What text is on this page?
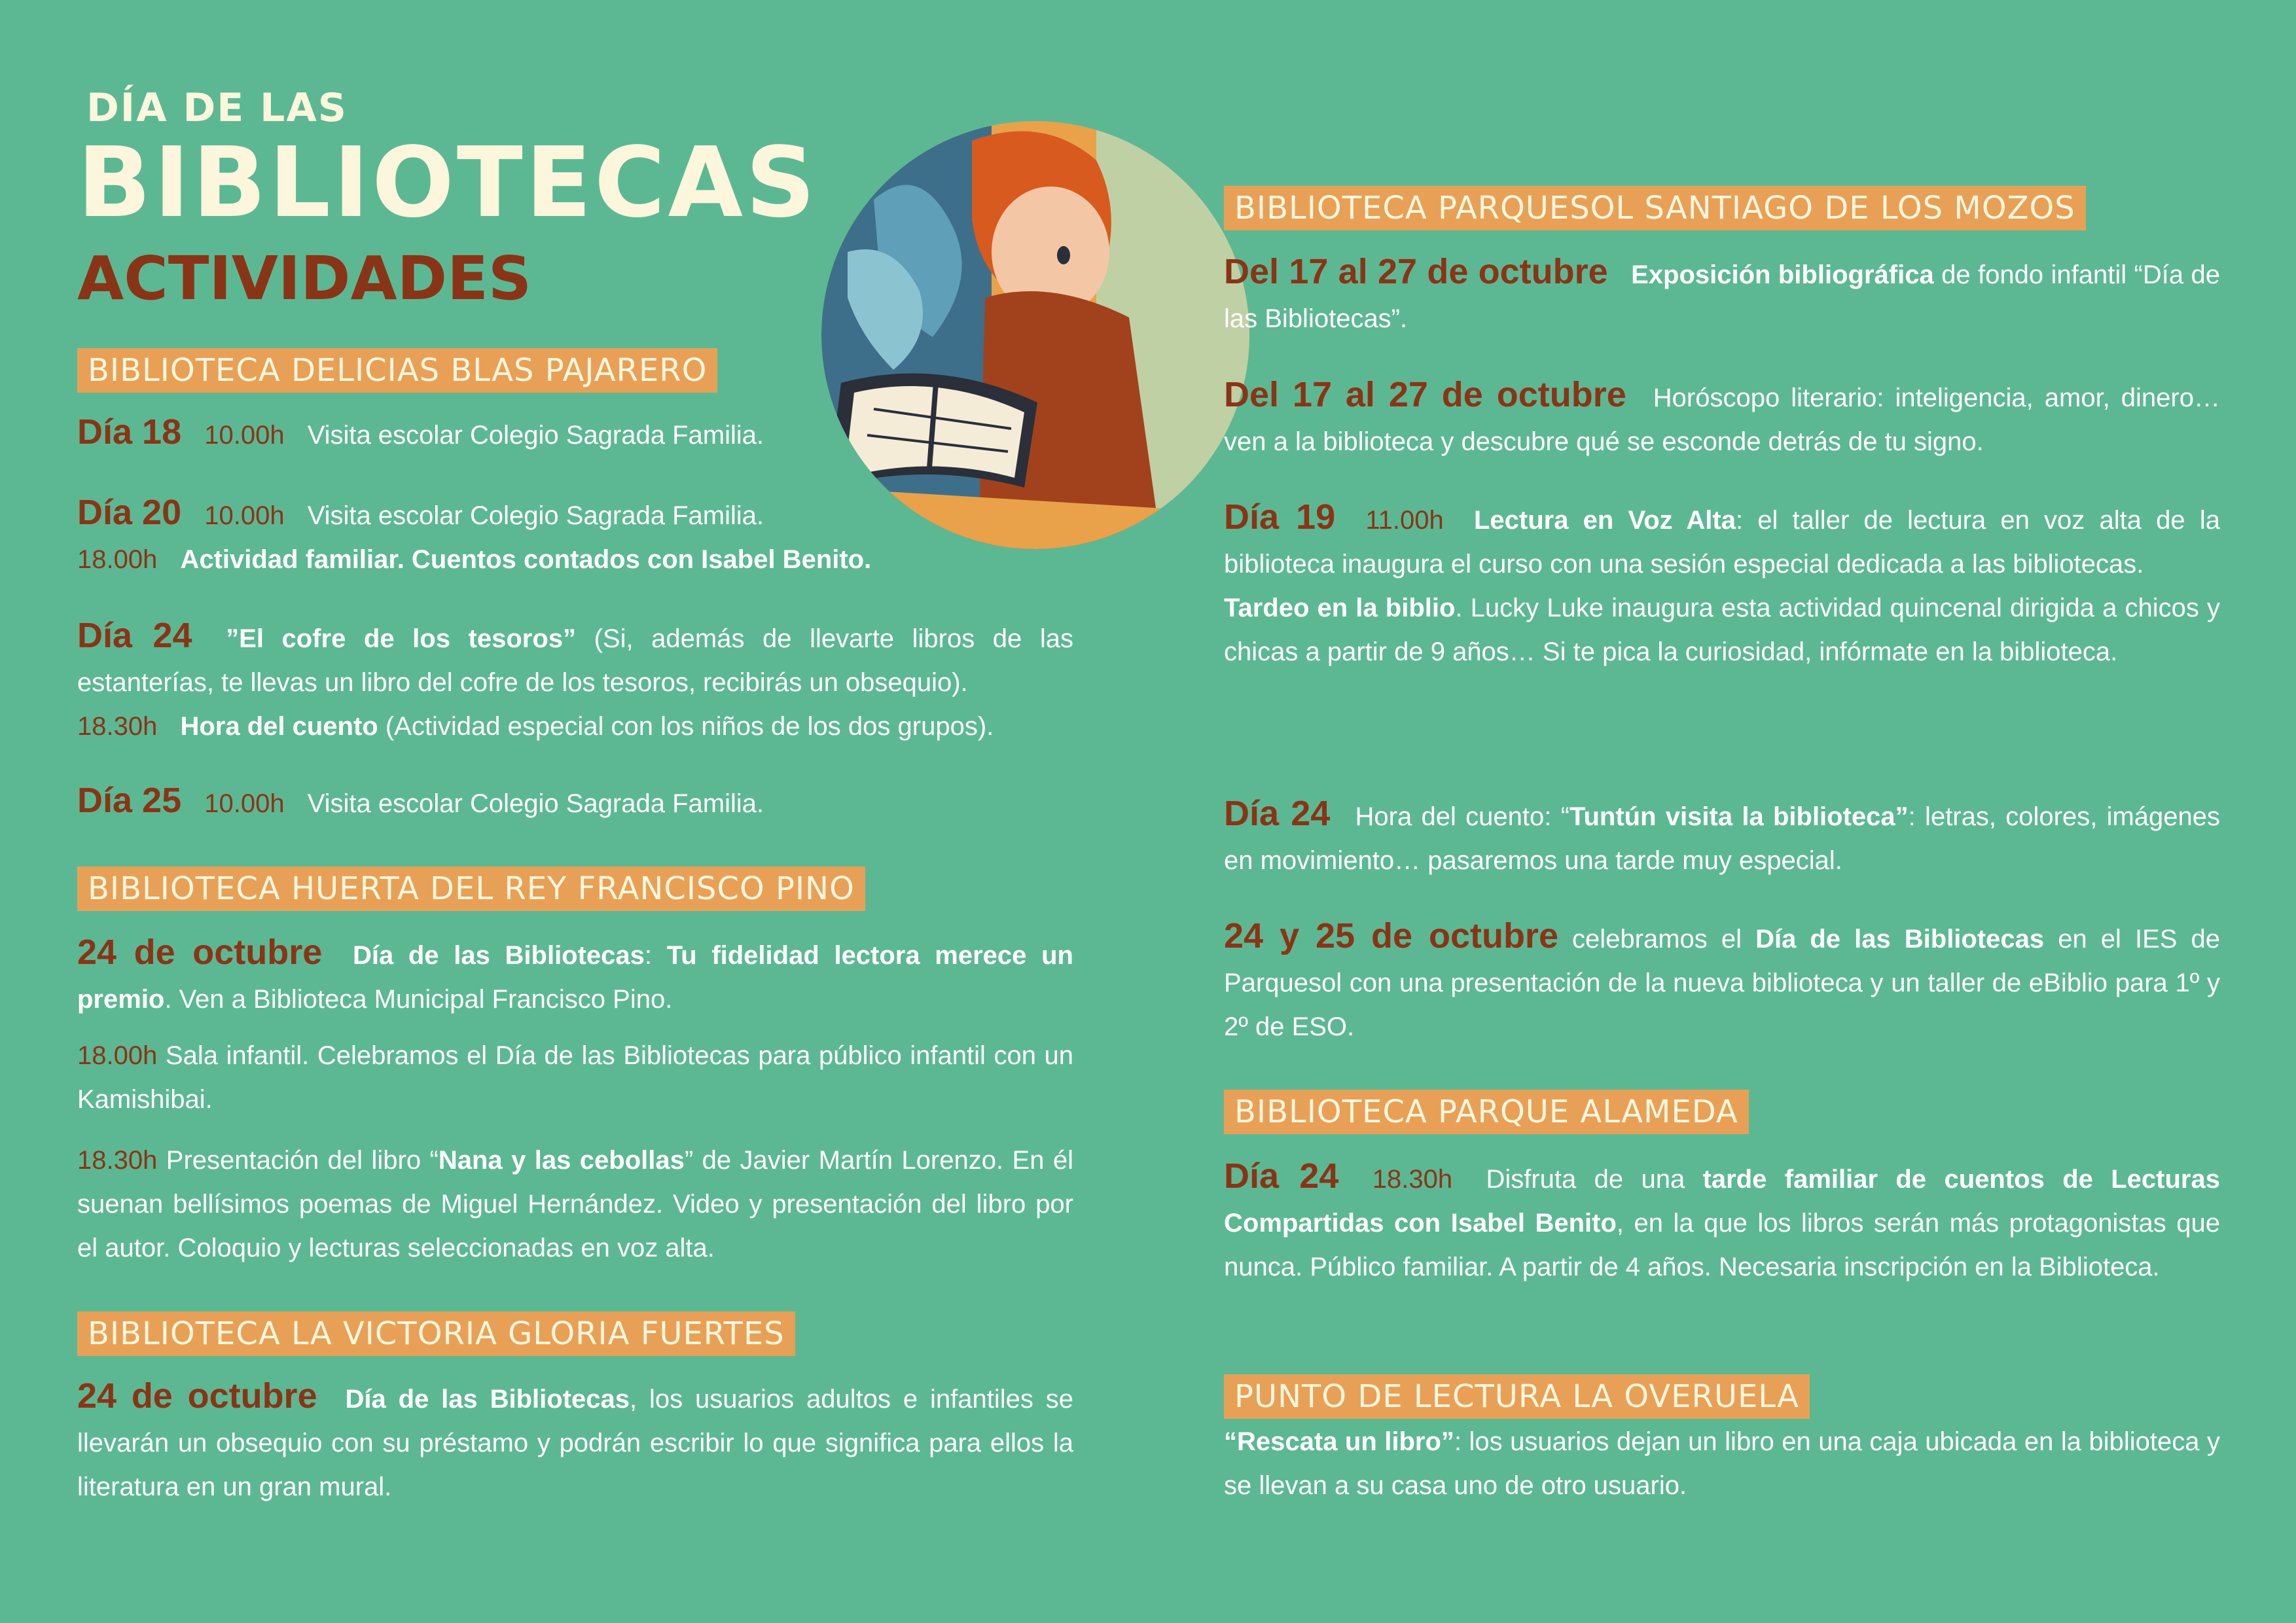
DÍA DE LAS
BIBLIOTECAS
ACTIVIDADES
BIBLIOTECA DELICIAS BLAS PAJARERO
Día 18 10.00h Visita escolar Colegio Sagrada Familia.
Día 20 10.00h Visita escolar Colegio Sagrada Familia.
18.00h Actividad familiar. Cuentos contados con Isabel Benito.
Día 24 ”El cofre de los tesoros” (Si, además de llevarte libros de las estanterías, te llevas un libro del cofre de los tesoros, recibirás un obsequio).
18.30h Hora del cuento (Actividad especial con los niños de los dos grupos).
Día 25 10.00h Visita escolar Colegio Sagrada Familia.
BIBLIOTECA HUERTA DEL REY FRANCISCO PINO
24 de octubre Día de las Bibliotecas: Tu fidelidad lectora merece un premio. Ven a Biblioteca Municipal Francisco Pino.
18.00h Sala infantil. Celebramos el Día de las Bibliotecas para público infantil con un Kamishibai.
18.30h Presentación del libro “Nana y las cebollas” de Javier Martín Lorenzo. En él suenan bellísimos poemas de Miguel Hernández. Video y presentación del libro por el autor. Coloquio y lecturas seleccionadas en voz alta.
BIBLIOTECA LA VICTORIA GLORIA FUERTES
24 de octubre Día de las Bibliotecas, los usuarios adultos e infantiles se llevarán un obsequio con su préstamo y podrán escribir lo que significa para ellos la literatura en un gran mural.
BIBLIOTECA PARQUESOL SANTIAGO DE LOS MOZOS
Del 17 al 27 de octubre Exposición bibliográfica de fondo infantil “Día de las Bibliotecas”.
Del 17 al 27 de octubre Horóscopo literario: inteligencia, amor, dinero… ven a la biblioteca y descubre qué se esconde detrás de tu signo.
Día 19 11.00h Lectura en Voz Alta: el taller de lectura en voz alta de la biblioteca inaugura el curso con una sesión especial dedicada a las bibliotecas.
Tardeo en la biblio. Lucky Luke inaugura esta actividad quincenal dirigida a chicos y chicas a partir de 9 años… Si te pica la curiosidad, infórmate en la biblioteca.
Día 24 Hora del cuento: “Tuntún visita la biblioteca”: letras, colores, imágenes en movimiento… pasaremos una tarde muy especial.
24 y 25 de octubre celebramos el Día de las Bibliotecas en el IES de Parquesol con una presentación de la nueva biblioteca y un taller de eBiblio para 1º y 2º de ESO.
BIBLIOTECA PARQUE ALAMEDA
Día 24 18.30h Disfruta de una tarde familiar de cuentos de Lecturas Compartidas con Isabel Benito, en la que los libros serán más protagonistas que nunca. Público familiar. A partir de 4 años. Necesaria inscripción en la Biblioteca.
PUNTO DE LECTURA LA OVERUELA
“Rescata un libro”: los usuarios dejan un libro en una caja ubicada en la biblioteca y se llevan a su casa uno de otro usuario.
